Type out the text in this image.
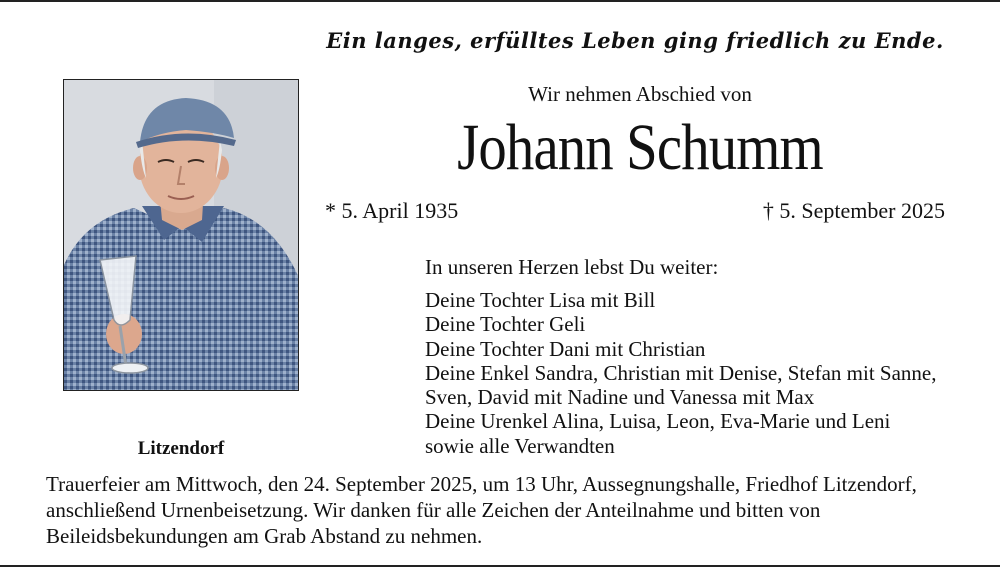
Ein langes, erfülltes Leben ging friedlich zu Ende.
Litzendorf
Wir nehmen Abschied von
Johann Schumm
* 5. April 1935	† 5. September 2025
In unseren Herzen lebst Du weiter:
Deine Tochter Lisa mit Bill
Deine Tochter Geli
Deine Tochter Dani mit Christian
Deine Enkel Sandra, Christian mit Denise, Stefan mit Sanne,
Sven, David mit Nadine und Vanessa mit Max
Deine Urenkel Alina, Luisa, Leon, Eva-Marie und Leni
sowie alle Verwandten
Trauerfeier am Mittwoch, den 24. September 2025, um 13 Uhr, Aussegnungshalle, Friedhof Litzendorf, anschließend Urnenbeisetzung. Wir danken für alle Zeichen der Anteilnahme und bitten von Beileidsbekundungen am Grab Abstand zu nehmen.
